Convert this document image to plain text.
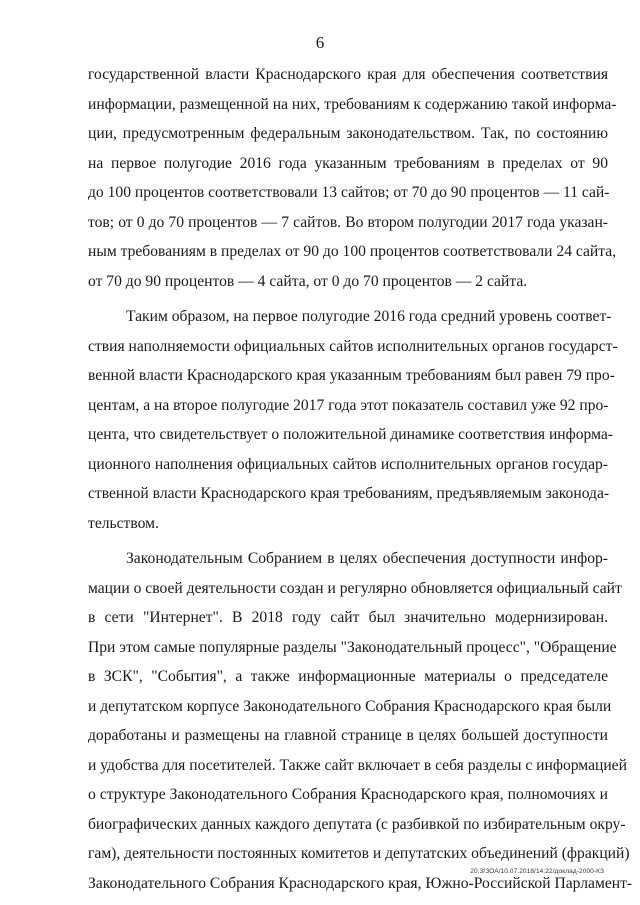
6
государственной власти Краснодарского края для обеспечения соответствия
информации, размещенной на них, требованиям к содержанию такой информа-
ции, предусмотренным федеральным законодательством. Так, по состоянию
на первое полугодие 2016 года указанным требованиям в пределах от 90
до 100 процентов соответствовали 13 сайтов; от 70 до 90 процентов — 11 сай-
тов; от 0 до 70 процентов — 7 сайтов. Во втором полугодии 2017 года указан-
ным требованиям в пределах от 90 до 100 процентов соответствовали 24 сайта,
от 70 до 90 процентов — 4 сайта, от 0 до 70 процентов — 2 сайта.
Таким образом, на первое полугодие 2016 года средний уровень соответ-
ствия наполняемости официальных сайтов исполнительных органов государст-
венной власти Краснодарского края указанным требованиям был равен 79 про-
центам, а на второе полугодие 2017 года этот показатель составил уже 92 про-
цента, что свидетельствует о положительной динамике соответствия информа-
ционного наполнения официальных сайтов исполнительных органов государ-
ственной власти Краснодарского края требованиям, предъявляемым законода-
тельством.
Законодательным Собранием в целях обеспечения доступности инфор-
мации о своей деятельности создан и регулярно обновляется официальный сайт
в сети "Интернет". В 2018 году сайт был значительно модернизирован.
При этом самые популярные разделы "Законодательный процесс", "Обращение
в ЗСК", "События", а также информационные материалы о председателе
и депутатском корпусе Законодательного Собрания Краснодарского края были
доработаны и размещены на главной странице в целях большей доступности
и удобства для посетителей. Также сайт включает в себя разделы с информацией
о структуре Законодательного Собрания Краснодарского края, полномочиях и
биографических данных каждого депутата (с разбивкой по избирательным окру-
гам), деятельности постоянных комитетов и депутатских объединений (фракций)
Законодательного Собрания Краснодарского края, Южно-Российской Парламент-
20.3/ЗОА/10.07.2018/14:22/доклад-2000-КЗ
